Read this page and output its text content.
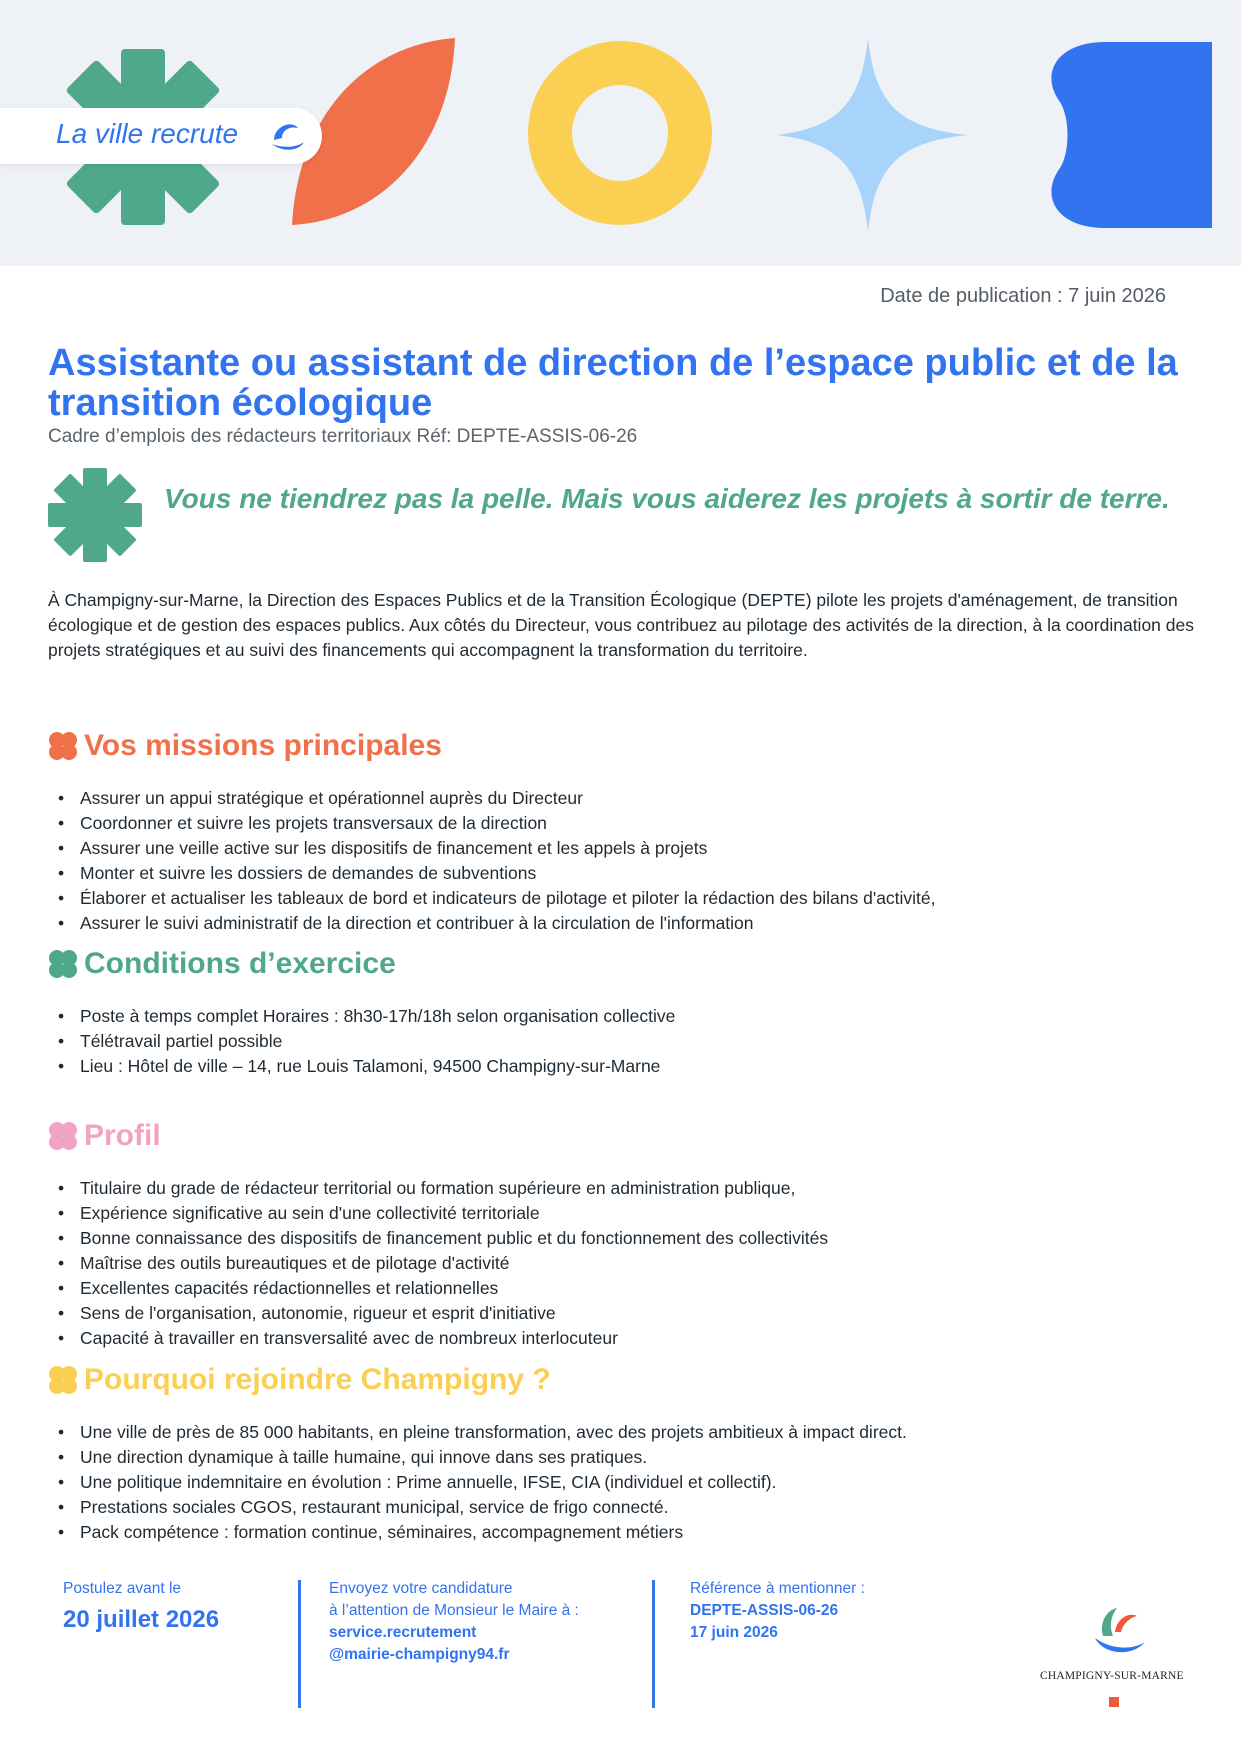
La ville recrute
Date de publication : 7 juin 2026
Assistante ou assistant de direction de l’espace public et de la transition écologique
Cadre d’emplois des rédacteurs territoriaux Réf: DEPTE-ASSIS-06-26

Vous ne tiendrez pas la pelle. Mais vous aiderez les projets à sortir de terre.

À Champigny-sur-Marne, la Direction des Espaces Publics et de la Transition Écologique (DEPTE) pilote les projets d'aménagement, de transition écologique et de gestion des espaces publics. Aux côtés du Directeur, vous contribuez au pilotage des activités de la direction, à la coordination des projets stratégiques et au suivi des financements qui accompagnent la transformation du territoire.

Vos missions principales
• Assurer un appui stratégique et opérationnel auprès du Directeur
• Coordonner et suivre les projets transversaux de la direction
• Assurer une veille active sur les dispositifs de financement et les appels à projets
• Monter et suivre les dossiers de demandes de subventions
• Élaborer et actualiser les tableaux de bord et indicateurs de pilotage et piloter la rédaction des bilans d'activité,
• Assurer le suivi administratif de la direction et contribuer à la circulation de l'information
Conditions d’exercice
• Poste à temps complet Horaires : 8h30-17h/18h selon organisation collective
• Télétravail partiel possible
• Lieu : Hôtel de ville – 14, rue Louis Talamoni, 94500 Champigny-sur-Marne
Profil
• Titulaire du grade de rédacteur territorial ou formation supérieure en administration publique,
• Expérience significative au sein d'une collectivité territoriale
• Bonne connaissance des dispositifs de financement public et du fonctionnement des collectivités
• Maîtrise des outils bureautiques et de pilotage d'activité
• Excellentes capacités rédactionnelles et relationnelles
• Sens de l'organisation, autonomie, rigueur et esprit d'initiative
• Capacité à travailler en transversalité avec de nombreux interlocuteur
Pourquoi rejoindre Champigny ?
• Une ville de près de 85 000 habitants, en pleine transformation, avec des projets ambitieux à impact direct.
• Une direction dynamique à taille humaine, qui innove dans ses pratiques.
• Une politique indemnitaire en évolution : Prime annuelle, IFSE, CIA (individuel et collectif).
• Prestations sociales CGOS, restaurant municipal, service de frigo connecté.
• Pack compétence : formation continue, séminaires, accompagnement métiers
Postulez avant le
20 juillet 2026
Envoyez votre candidature
à l’attention de Monsieur le Maire à :
service.recrutement
@mairie-champigny94.fr
Référence à mentionner :
DEPTE-ASSIS-06-26
17 juin 2026
CHAMPIGNY-SUR-MARNE
